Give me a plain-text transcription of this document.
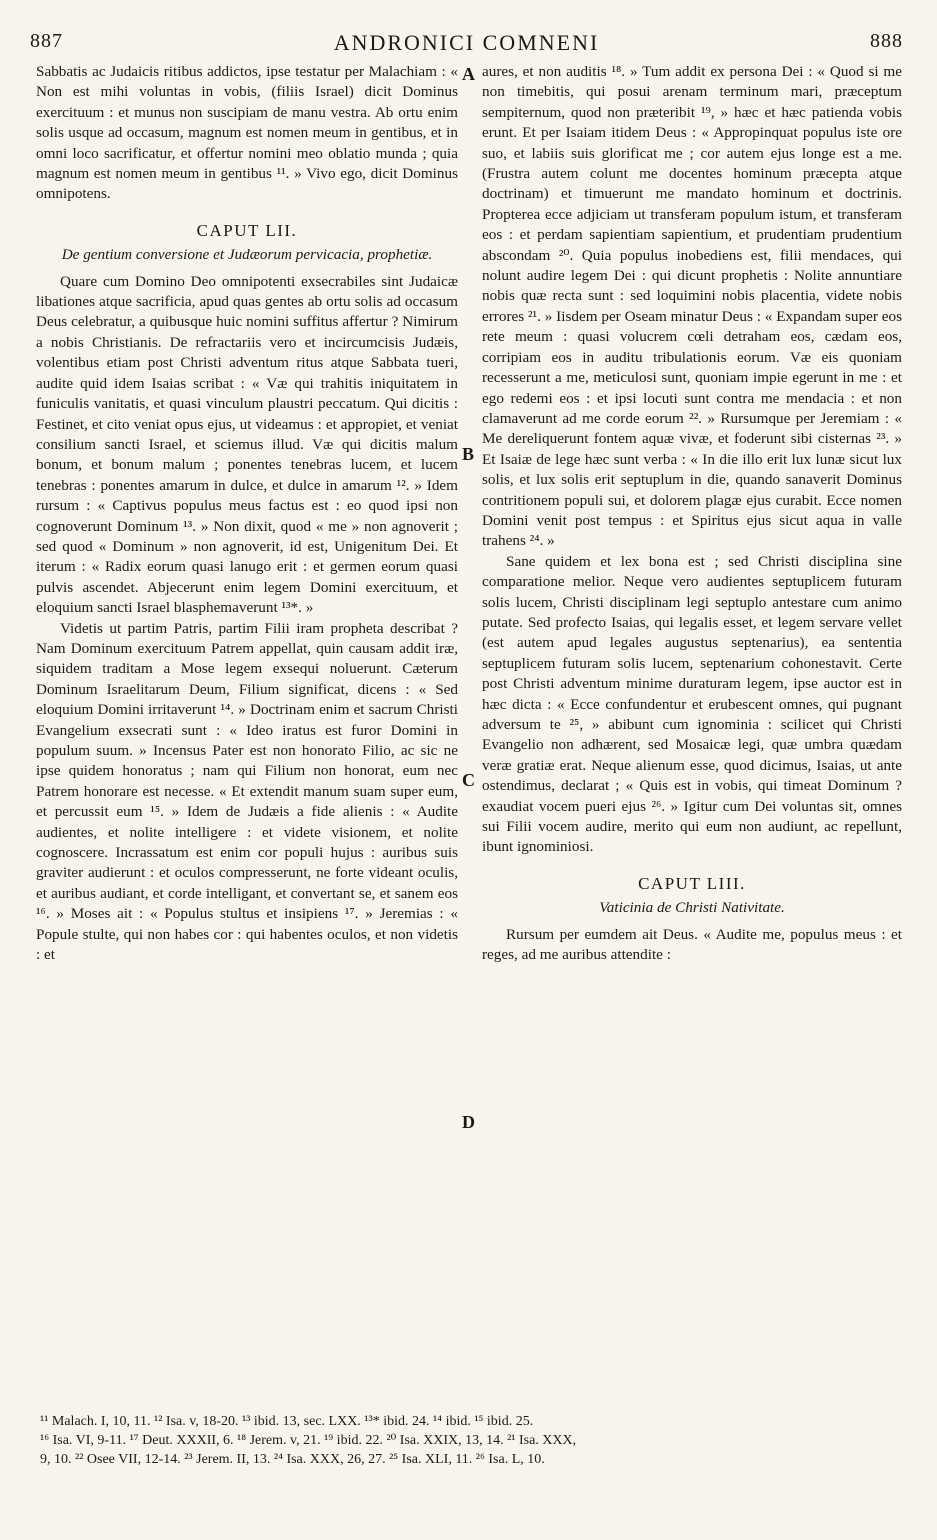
887	ANDRONICI COMNENI	888

Sabbatis ac Judaicis ritibus addictos, ipse testatur per Malachiam : « Non est mihi voluntas in vobis, (filiis Israel) dicit Dominus exercituum : et munus non suscipiam de manu vestra. Ab ortu enim solis usque ad occasum, magnum est nomen meum in gentibus, et in omni loco sacrificatur, et offertur nomini meo oblatio munda ; quia magnum est nomen meum in gentibus ¹¹. » Vivo ego, dicit Dominus omnipotens.

CAPUT LII.
De gentium conversione et Judæorum pervicacia, prophetiæ.

Quare cum Domino Deo omnipotenti exsecrabiles sint Judaicæ libationes atque sacrificia, apud quas gentes ab ortu solis ad occasum Deus celebratur, a quibusque huic nomini suffitus affertur ? Nimirum a nobis Christianis. De refractariis vero et incircumcisis Judæis, volentibus etiam post Christi adventum ritus atque Sabbata tueri, audite quid idem Isaias scribat : « Væ qui trahitis iniquitatem in funiculis vanitatis, et quasi vinculum plaustri peccatum. Qui dicitis : Festinet, et cito veniat opus ejus, ut videamus : et appropiet, et veniat consilium sancti Israel, et sciemus illud. Væ qui dicitis malum bonum, et bonum malum ; ponentes tenebras lucem, et lucem tenebras : ponentes amarum in dulce, et dulce in amarum ¹². » Idem rursum : « Captivus populus meus factus est : eo quod ipsi non cognoverunt Dominum ¹³. » Non dixit, quod « me » non agnoverit ; sed quod « Dominum » non agnoverit, id est, Unigenitum Dei. Et iterum : « Radix eorum quasi lanugo erit : et germen eorum quasi pulvis ascendet. Abjecerunt enim legem Domini exercituum, et eloquium sancti Israel blasphemaverunt ¹³*. »

Videtis ut partim Patris, partim Filii iram propheta describat ? Nam Dominum exercituum Patrem appellat, quin causam addit iræ, siquidem traditam a Mose legem exsequi noluerunt. Cæterum Dominum Israelitarum Deum, Filium significat, dicens : « Sed eloquium Domini irritaverunt ¹⁴. » Doctrinam enim et sacrum Christi Evangelium exsecrati sunt : « Ideo iratus est furor Domini in populum suum. » Incensus Pater est non honorato Filio, ac sic ne ipse quidem honoratus ; nam qui Filium non honorat, eum nec Patrem honorare est necesse. « Et extendit manum suam super eum, et percussit eum ¹⁵. » Idem de Judæis a fide alienis : « Audite audientes, et nolite intelligere : et videte visionem, et nolite cognoscere. Incrassatum est enim cor populi hujus : auribus suis graviter audierunt : et oculos compresserunt, ne forte videant oculis, et auribus audiant, et corde intelligant, et convertant se, et sanem eos ¹⁶. » Moses ait : « Populus stultus et insipiens ¹⁷. » Jeremias : « Popule stulte, qui non habes cor : qui habentes oculos, et non videtis : et

A
B
C
D

aures, et non auditis ¹⁸. » Tum addit ex persona Dei : « Quod si me non timebitis, qui posui arenam terminum mari, præceptum sempiternum, quod non præteribit ¹⁹, » hæc et hæc patienda vobis erunt. Et per Isaiam itidem Deus : « Appropinquat populus iste ore suo, et labiis suis glorificat me ; cor autem ejus longe est a me. (Frustra autem colunt me docentes hominum præcepta atque doctrinam) et timuerunt me mandato hominum et doctrinis. Propterea ecce adjiciam ut transferam populum istum, et transferam eos : et perdam sapientiam sapientium, et prudentiam prudentium abscondam ²⁰. Quia populus inobediens est, filii mendaces, qui nolunt audire legem Dei : qui dicunt prophetis : Nolite annuntiare nobis quæ recta sunt : sed loquimini nobis placentia, videte nobis errores ²¹. » Iisdem per Oseam minatur Deus : « Expandam super eos rete meum : quasi volucrem cœli detraham eos, cædam eos, corripiam eos in auditu tribulationis eorum. Væ eis quoniam recesserunt a me, meticulosi sunt, quoniam impie egerunt in me : et ego redemi eos : et ipsi locuti sunt contra me mendacia : et non clamaverunt ad me corde eorum ²². » Rursumque per Jeremiam : « Me dereliquerunt fontem aquæ vivæ, et foderunt sibi cisternas ²³. » Et Isaiæ de lege hæc sunt verba : « In die illo erit lux lunæ sicut lux solis, et lux solis erit septuplum in die, quando sanaverit Dominus contritionem populi sui, et dolorem plagæ ejus curabit. Ecce nomen Domini venit post tempus : et Spiritus ejus sicut aqua in valle trahens ²⁴. »

Sane quidem et lex bona est ; sed Christi disciplina sine comparatione melior. Neque vero audientes septuplicem futuram solis lucem, Christi disciplinam legi septuplo antestare cum animo putate. Sed profecto Isaias, qui legalis esset, et legem servare vellet (est autem apud legales augustus septenarius), ea sententia septuplicem futuram solis lucem, septenarium cohonestavit. Certe post Christi adventum minime duraturam legem, ipse auctor est in hæc dicta : « Ecce confundentur et erubescent omnes, qui pugnant adversum te ²⁵, » abibunt cum ignominia : scilicet qui Christi Evangelio non adhærent, sed Mosaicæ legi, quæ umbra quædam veræ gratiæ erat. Neque alienum esse, quod dicimus, Isaias, ut ante ostendimus, declarat ; « Quis est in vobis, qui timeat Dominum ? exaudiat vocem pueri ejus ²⁶. » Igitur cum Dei voluntas sit, omnes sui Filii vocem audire, merito qui eum non audiunt, ac repellunt, ibunt ignominiosi.

CAPUT LIII.
Vaticinia de Christi Nativitate.

Rursum per eumdem ait Deus. « Audite me, populus meus : et reges, ad me auribus attendite :

¹¹ Malach. I, 10, 11. ¹² Isa. v, 18-20. ¹³ ibid. 13, sec. LXX. ¹³* ibid. 24. ¹⁴ ibid. ¹⁵ ibid. 25.
¹⁶ Isa. VI, 9-11. ¹⁷ Deut. XXXII, 6. ¹⁸ Jerem. v, 21. ¹⁹ ibid. 22. ²⁰ Isa. XXIX, 13, 14. ²¹ Isa. XXX,
9, 10. ²² Osee VII, 12-14. ²³ Jerem. II, 13. ²⁴ Isa. XXX, 26, 27. ²⁵ Isa. XLI, 11. ²⁶ Isa. L, 10.
